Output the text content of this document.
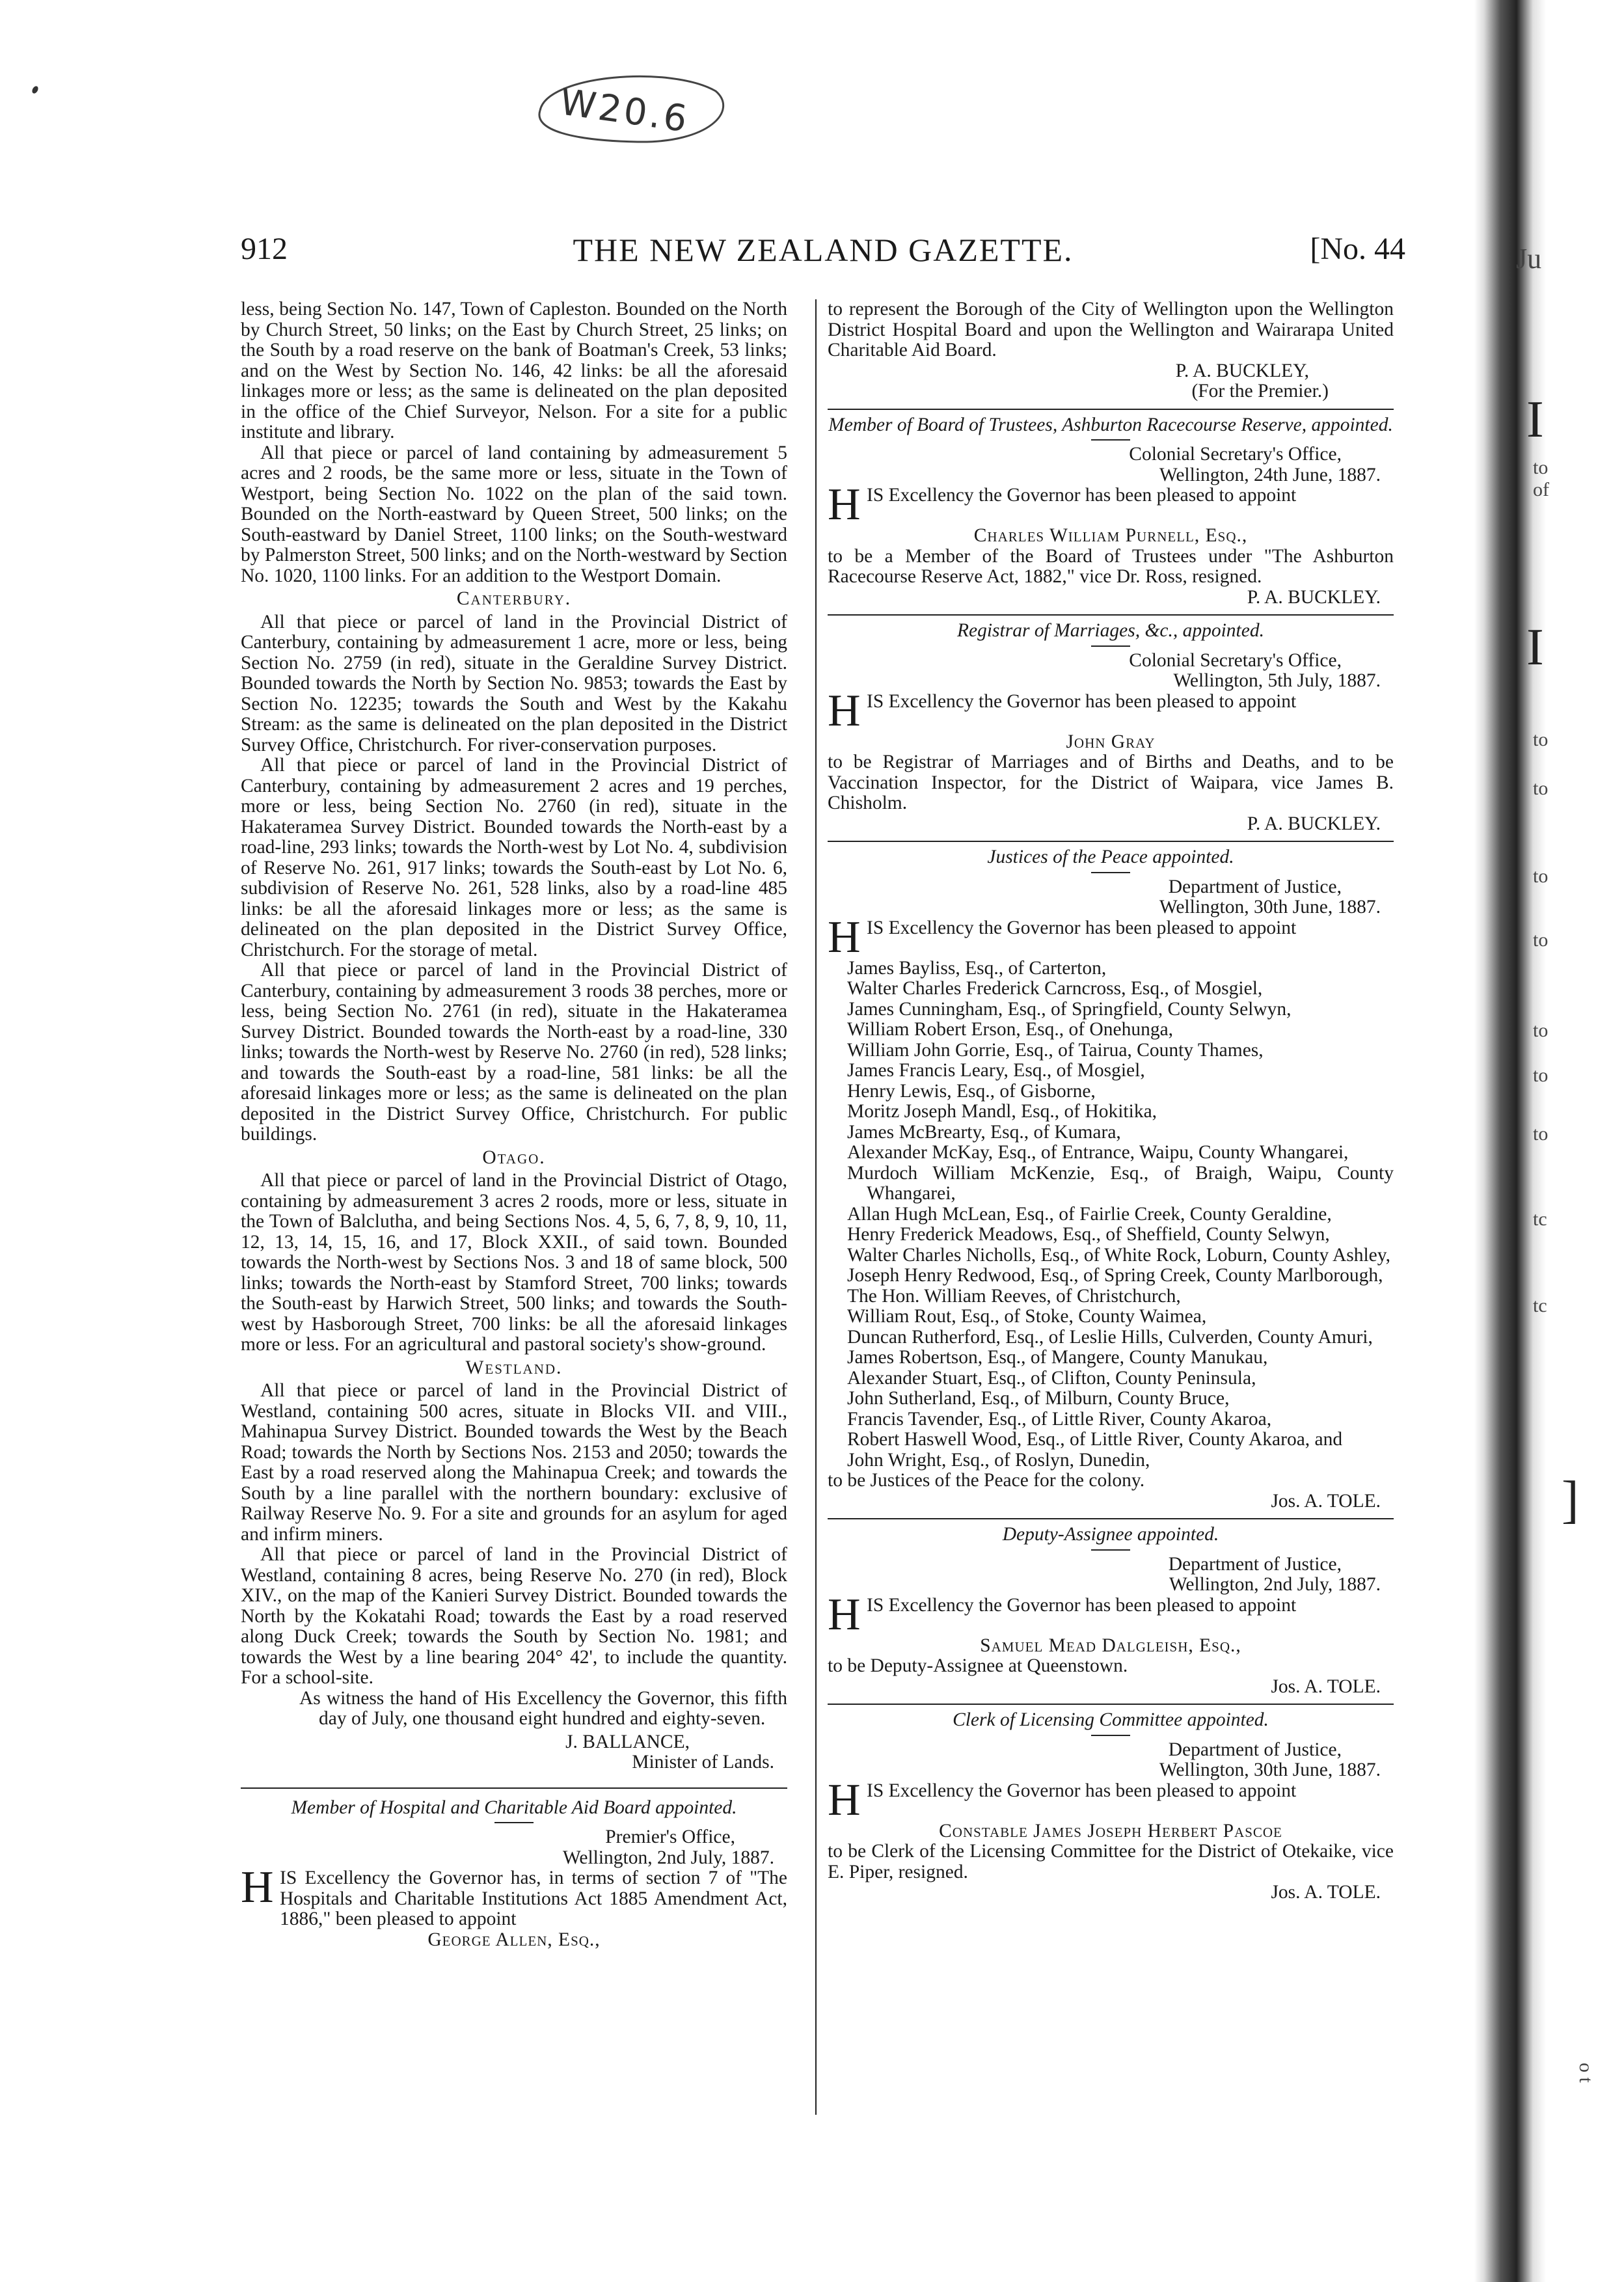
W20.6
912	THE NEW ZEALAND GAZETTE.	[No. 44

less, being Section No. 147, Town of Capleston. Bounded on the North by Church Street, 50 links; on the East by Church Street, 25 links; on the South by a road reserve on the bank of Boatman's Creek, 53 links; and on the West by Section No. 146, 42 links: be all the aforesaid linkages more or less; as the same is delineated on the plan deposited in the office of the Chief Surveyor, Nelson. For a site for a public institute and library.

All that piece or parcel of land containing by admeasurement 5 acres and 2 roods, be the same more or less, situate in the Town of Westport, being Section No. 1022 on the plan of the said town. Bounded on the North-eastward by Queen Street, 500 links; on the South-eastward by Daniel Street, 1100 links; on the South-westward by Palmerston Street, 500 links; and on the North-westward by Section No. 1020, 1100 links. For an addition to the Westport Domain.

Canterbury.

All that piece or parcel of land in the Provincial District of Canterbury, containing by admeasurement 1 acre, more or less, being Section No. 2759 (in red), situate in the Geraldine Survey District. Bounded towards the North by Section No. 9853; towards the East by Section No. 12235; towards the South and West by the Kakahu Stream: as the same is delineated on the plan deposited in the District Survey Office, Christchurch. For river-conservation purposes.

All that piece or parcel of land in the Provincial District of Canterbury, containing by admeasurement 2 acres and 19 perches, more or less, being Section No. 2760 (in red), situate in the Hakateramea Survey District. Bounded towards the North-east by a road-line, 293 links; towards the North-west by Lot No. 4, subdivision of Reserve No. 261, 917 links; towards the South-east by Lot No. 6, subdivision of Reserve No. 261, 528 links, also by a road-line 485 links: be all the aforesaid linkages more or less; as the same is delineated on the plan deposited in the District Survey Office, Christchurch. For the storage of metal.

All that piece or parcel of land in the Provincial District of Canterbury, containing by admeasurement 3 roods 38 perches, more or less, being Section No. 2761 (in red), situate in the Hakateramea Survey District. Bounded towards the North-east by a road-line, 330 links; towards the North-west by Reserve No. 2760 (in red), 528 links; and towards the South-east by a road-line, 581 links: be all the aforesaid linkages more or less; as the same is delineated on the plan deposited in the District Survey Office, Christchurch. For public buildings.

Otago.

All that piece or parcel of land in the Provincial District of Otago, containing by admeasurement 3 acres 2 roods, more or less, situate in the Town of Balclutha, and being Sections Nos. 4, 5, 6, 7, 8, 9, 10, 11, 12, 13, 14, 15, 16, and 17, Block XXII., of said town. Bounded towards the North-west by Sections Nos. 3 and 18 of same block, 500 links; towards the North-east by Stamford Street, 700 links; towards the South-east by Harwich Street, 500 links; and towards the South-west by Hasborough Street, 700 links: be all the aforesaid linkages more or less. For an agricultural and pastoral society's show-ground.

Westland.

All that piece or parcel of land in the Provincial District of Westland, containing 500 acres, situate in Blocks VII. and VIII., Mahinapua Survey District. Bounded towards the West by the Beach Road; towards the North by Sections Nos. 2153 and 2050; towards the East by a road reserved along the Mahinapua Creek; and towards the South by a line parallel with the northern boundary: exclusive of Railway Reserve No. 9. For a site and grounds for an asylum for aged and infirm miners.

All that piece or parcel of land in the Provincial District of Westland, containing 8 acres, being Reserve No. 270 (in red), Block XIV., on the map of the Kanieri Survey District. Bounded towards the North by the Kokatahi Road; towards the East by a road reserved along Duck Creek; towards the South by Section No. 1981; and towards the West by a line bearing 204° 42', to include the quantity. For a school-site.

As witness the hand of His Excellency the Governor, this fifth day of July, one thousand eight hundred and eighty-seven.

J. BALLANCE,

Minister of Lands.

Member of Hospital and Charitable Aid Board appointed.

Premier's Office,

Wellington, 2nd July, 1887.

H IS Excellency the Governor has, in terms of section 7 of "The Hospitals and Charitable Institutions Act 1885 Amendment Act, 1886," been pleased to appoint

George Allen, Esq.,

to represent the Borough of the City of Wellington upon the Wellington District Hospital Board and upon the Wellington and Wairarapa United Charitable Aid Board.

P. A. BUCKLEY,

(For the Premier.)

Member of Board of Trustees, Ashburton Racecourse Reserve, appointed.

Colonial Secretary's Office,

Wellington, 24th June, 1887.

H IS Excellency the Governor has been pleased to appoint

Charles William Purnell, Esq.,

to be a Member of the Board of Trustees under "The Ashburton Racecourse Reserve Act, 1882," vice Dr. Ross, resigned.

P. A. BUCKLEY.

Registrar of Marriages, &c., appointed.

Colonial Secretary's Office,

Wellington, 5th July, 1887.

H IS Excellency the Governor has been pleased to appoint

John Gray

to be Registrar of Marriages and of Births and Deaths, and to be Vaccination Inspector, for the District of Waipara, vice James B. Chisholm.

P. A. BUCKLEY.

Justices of the Peace appointed.

Department of Justice,

Wellington, 30th June, 1887.

H IS Excellency the Governor has been pleased to appoint

James Bayliss, Esq., of Carterton,

Walter Charles Frederick Carncross, Esq., of Mosgiel,

James Cunningham, Esq., of Springfield, County Selwyn,

William Robert Erson, Esq., of Onehunga,

William John Gorrie, Esq., of Tairua, County Thames,

James Francis Leary, Esq., of Mosgiel,

Henry Lewis, Esq., of Gisborne,

Moritz Joseph Mandl, Esq., of Hokitika,

James McBrearty, Esq., of Kumara,

Alexander McKay, Esq., of Entrance, Waipu, County Whangarei,

Murdoch William McKenzie, Esq., of Braigh, Waipu, County Whangarei,

Allan Hugh McLean, Esq., of Fairlie Creek, County Geraldine,

Henry Frederick Meadows, Esq., of Sheffield, County Selwyn,

Walter Charles Nicholls, Esq., of White Rock, Loburn, County Ashley,

Joseph Henry Redwood, Esq., of Spring Creek, County Marlborough,

The Hon. William Reeves, of Christchurch,

William Rout, Esq., of Stoke, County Waimea,

Duncan Rutherford, Esq., of Leslie Hills, Culverden, County Amuri,

James Robertson, Esq., of Mangere, County Manukau,

Alexander Stuart, Esq., of Clifton, County Peninsula,

John Sutherland, Esq., of Milburn, County Bruce,

Francis Tavender, Esq., of Little River, County Akaroa,

Robert Haswell Wood, Esq., of Little River, County Akaroa, and

John Wright, Esq., of Roslyn, Dunedin,

to be Justices of the Peace for the colony.

Jos. A. TOLE.

Deputy-Assignee appointed.

Department of Justice,

Wellington, 2nd July, 1887.

H IS Excellency the Governor has been pleased to appoint

Samuel Mead Dalgleish, Esq.,

to be Deputy-Assignee at Queenstown.

Jos. A. TOLE.

Clerk of Licensing Committee appointed.

Department of Justice,

Wellington, 30th June, 1887.

H IS Excellency the Governor has been pleased to appoint

Constable James Joseph Herbert Pascoe

to be Clerk of the Licensing Committee for the District of Otekaike, vice E. Piper, resigned.

Jos. A. TOLE.

Ju
I
to
of
I
to
to
to
to
to
to
to
tc
tc
]
o t
